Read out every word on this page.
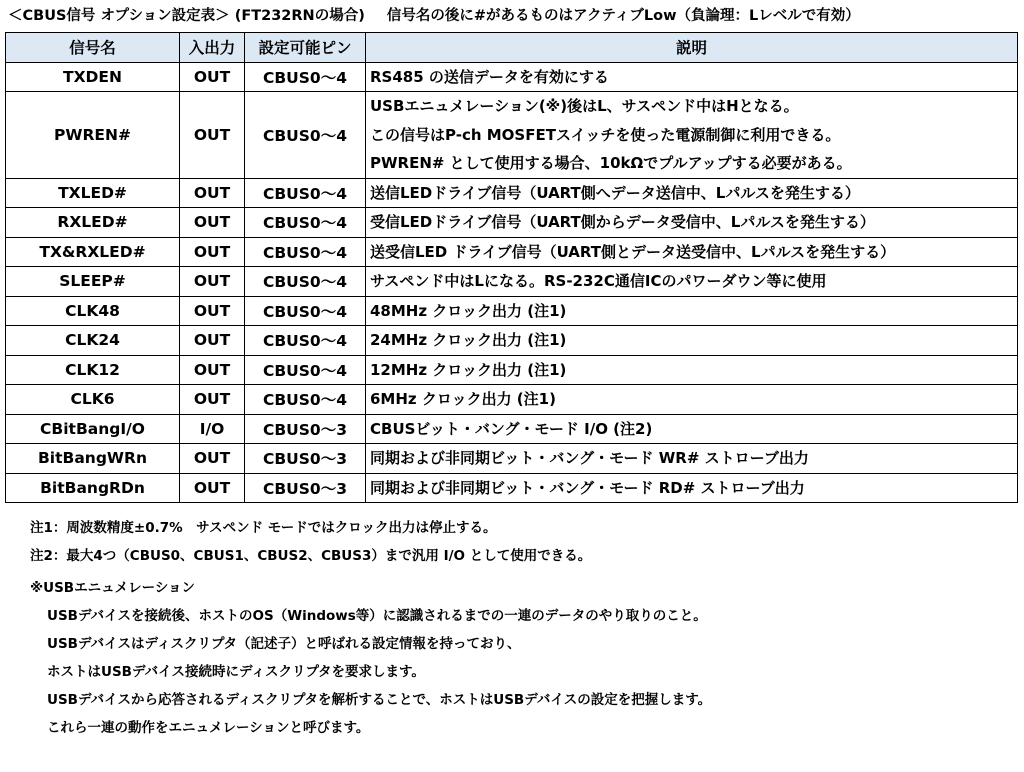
＜CBUS信号 オプション設定表＞ (FT232RNの場合) 信号名の後に#があるものはアクティブLow（負論理：Lレベルで有効）
信号名	入出力	設定可能ピン	説明
TXDEN	OUT	CBUS0～4	RS485 の送信データを有効にする

PWREN#	OUT	CBUS0～4	USBエニュメレーション(※)後はL、サスペンド中はHとなる。
この信号はP-ch MOSFETスイッチを使った電源制御に利用できる。
PWREN# として使用する場合、10kΩでプルアップする必要がある。

TXLED#	OUT	CBUS0～4	送信LEDドライブ信号（UART側へデータ送信中、Lパルスを発生する）

RXLED#	OUT	CBUS0～4	受信LEDドライブ信号（UART側からデータ受信中、Lパルスを発生する）

TX&RXLED#	OUT	CBUS0～4	送受信LED ドライブ信号（UART側とデータ送受信中、Lパルスを発生する）

SLEEP#	OUT	CBUS0～4	サスペンド中はLになる。RS-232C通信ICのパワーダウン等に使用

CLK48	OUT	CBUS0～4	48MHz クロック出力 (注1)

CLK24	OUT	CBUS0～4	24MHz クロック出力 (注1)

CLK12	OUT	CBUS0～4	12MHz クロック出力 (注1)

CLK6	OUT	CBUS0～4	6MHz クロック出力 (注1)

CBitBangI/O	I/O	CBUS0～3	CBUSビット・バング・モード I/O (注2)

BitBangWRn	OUT	CBUS0～3	同期および非同期ビット・バング・モード WR# ストローブ出力

BitBangRDn	OUT	CBUS0～3	同期および非同期ビット・バング・モード RD# ストローブ出力
注1：周波数精度±0.7%　サスペンド モードではクロック出力は停止する。
注2：最大4つ（CBUS0、CBUS1、CBUS2、CBUS3）まで汎用 I/O として使用できる。
※USBエニュメレーション
USBデバイスを接続後、ホストのOS（Windows等）に認識されるまでの一連のデータのやり取りのこと。
USBデバイスはディスクリプタ（記述子）と呼ばれる設定情報を持っており、
ホストはUSBデバイス接続時にディスクリプタを要求します。
USBデバイスから応答されるディスクリプタを解析することで、ホストはUSBデバイスの設定を把握します。
これら一連の動作をエニュメレーションと呼びます。
